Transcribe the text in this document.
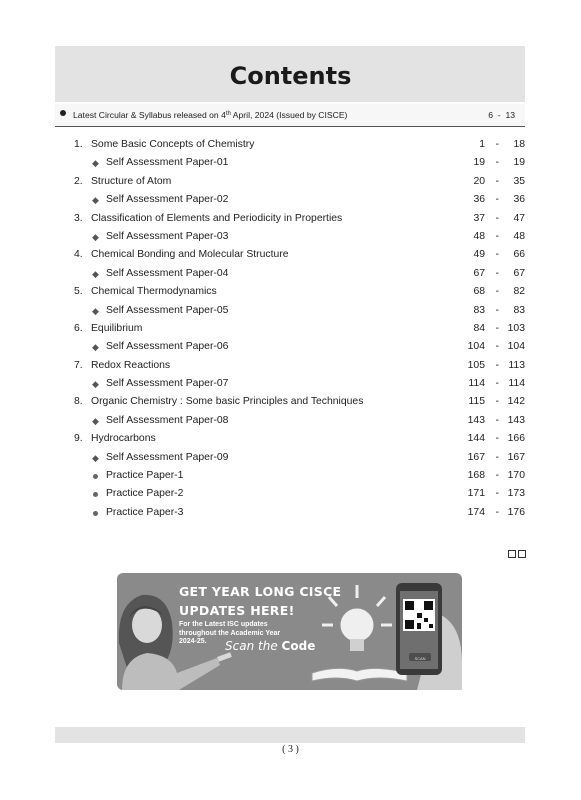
Contents
Latest Circular & Syllabus released on 4th April, 2024 (Issued by CISCE)	6  -  13
1. Some Basic Concepts of Chemistry	1 - 18
◆ Self Assessment Paper-01	19 - 19
2. Structure of Atom	20 - 35
◆ Self Assessment Paper-02	36 - 36
3. Classification of Elements and Periodicity in Properties	37 - 47
◆ Self Assessment Paper-03	48 - 48
4. Chemical Bonding and Molecular Structure	49 - 66
◆ Self Assessment Paper-04	67 - 67
5. Chemical Thermodynamics	68 - 82
◆ Self Assessment Paper-05	83 - 83
6. Equilibrium	84 - 103
◆ Self Assessment Paper-06	104 - 104
7. Redox Reactions	105 - 113
◆ Self Assessment Paper-07	114 - 114
8. Organic Chemistry : Some basic Principles and Techniques	115 - 142
◆ Self Assessment Paper-08	143 - 143
9. Hydrocarbons	144 - 166
◆ Self Assessment Paper-09	167 - 167
Practice Paper-1	168 - 170
Practice Paper-2	171 - 173
Practice Paper-3	174 - 176
GET YEAR LONG CISCE
UPDATES HERE!
For the Latest ISC updates
throughout the Academic Year
2024-25.	Scan the Code
SCAN
( 3 )
